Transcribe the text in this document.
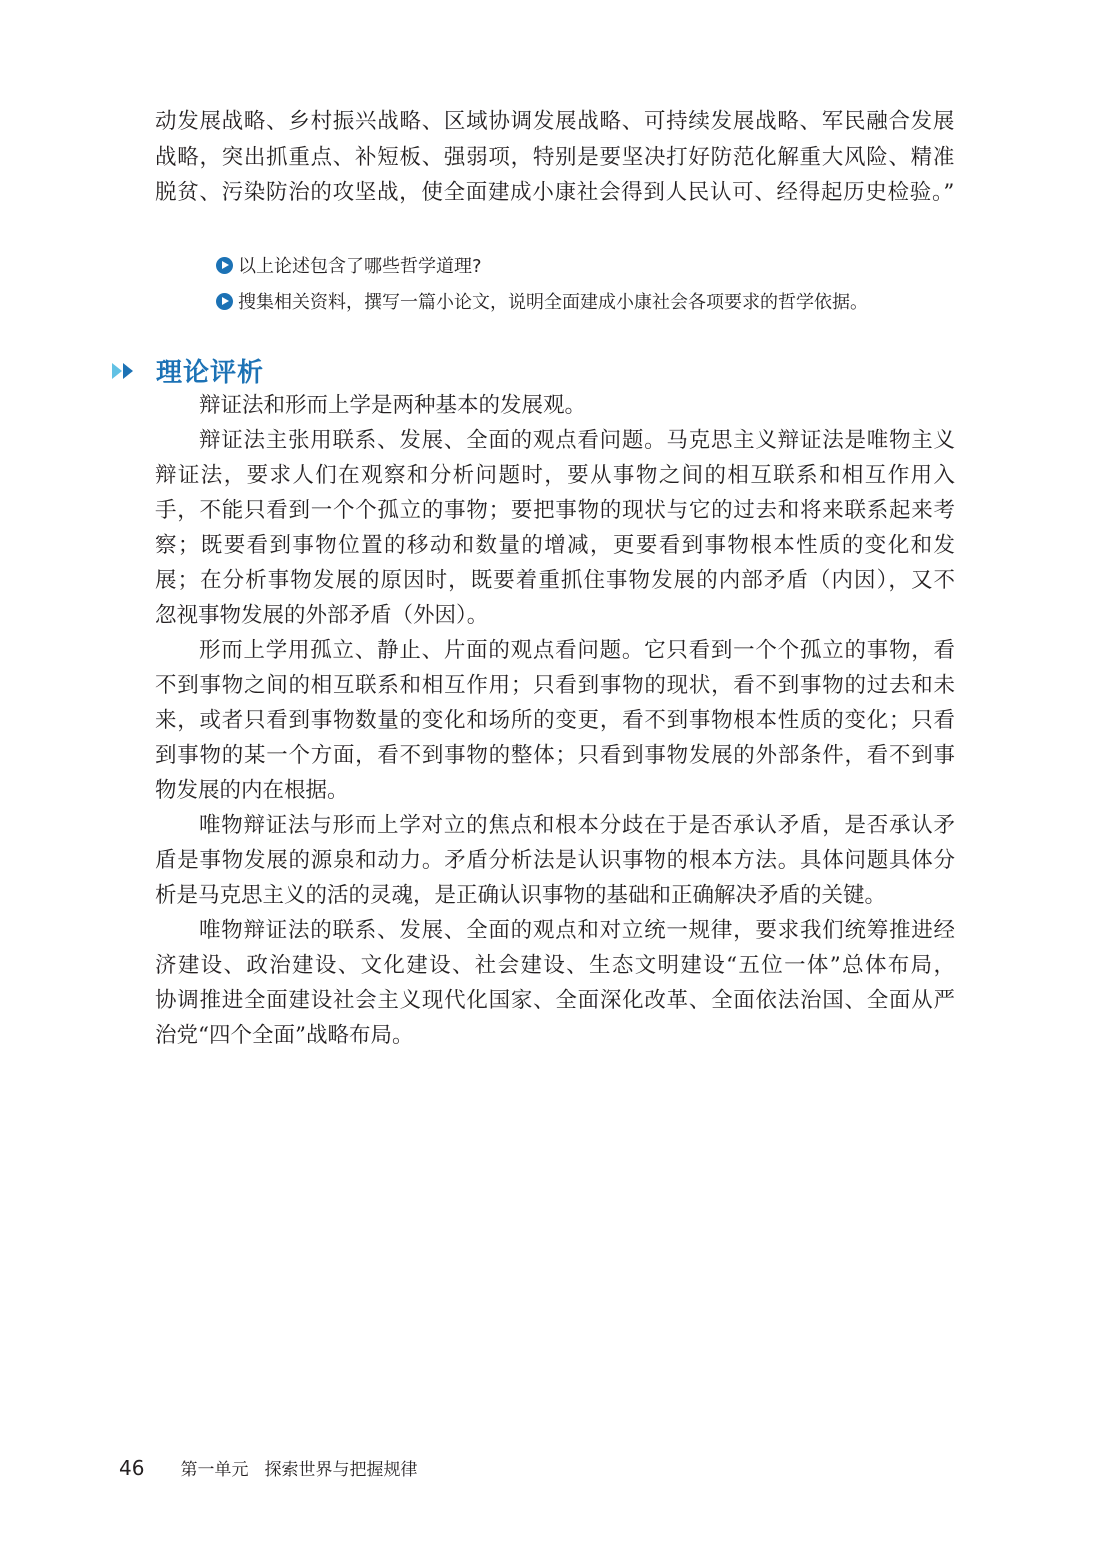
动发展战略、乡村振兴战略、区域协调发展战略、可持续发展战略、军民融合发展
战略，突出抓重点、补短板、强弱项，特别是要坚决打好防范化解重大风险、精准
脱贫、污染防治的攻坚战，使全面建成小康社会得到人民认可、经得起历史检验。”
以上论述包含了哪些哲学道理?
搜集相关资料，撰写一篇小论文，说明全面建成小康社会各项要求的哲学依据。
理论评析
辩证法和形而上学是两种基本的发展观。
辩证法主张用联系、发展、全面的观点看问题。马克思主义辩证法是唯物主义
辩证法，要求人们在观察和分析问题时，要从事物之间的相互联系和相互作用入
手，不能只看到一个个孤立的事物；要把事物的现状与它的过去和将来联系起来考
察；既要看到事物位置的移动和数量的增减，更要看到事物根本性质的变化和发
展；在分析事物发展的原因时，既要着重抓住事物发展的内部矛盾（内因），又不
忽视事物发展的外部矛盾（外因）。
形而上学用孤立、静止、片面的观点看问题。它只看到一个个孤立的事物，看
不到事物之间的相互联系和相互作用；只看到事物的现状，看不到事物的过去和未
来，或者只看到事物数量的变化和场所的变更，看不到事物根本性质的变化；只看
到事物的某一个方面，看不到事物的整体；只看到事物发展的外部条件，看不到事
物发展的内在根据。
唯物辩证法与形而上学对立的焦点和根本分歧在于是否承认矛盾，是否承认矛
盾是事物发展的源泉和动力。矛盾分析法是认识事物的根本方法。具体问题具体分
析是马克思主义的活的灵魂，是正确认识事物的基础和正确解决矛盾的关键。
唯物辩证法的联系、发展、全面的观点和对立统一规律，要求我们统筹推进经
济建设、政治建设、文化建设、社会建设、生态文明建设“五位一体”总体布局，
协调推进全面建设社会主义现代化国家、全面深化改革、全面依法治国、全面从严
治党“四个全面”战略布局。
46 第一单元 探索世界与把握规律
